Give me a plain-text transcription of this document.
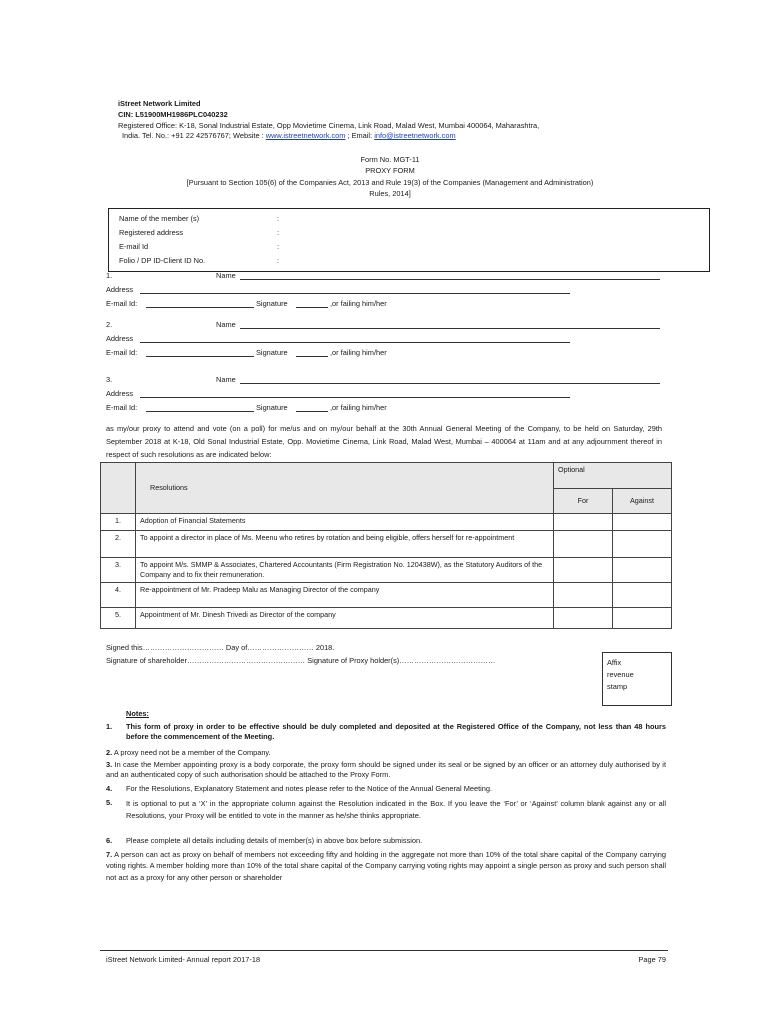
iStreet Network Limited
CIN: L51900MH1986PLC040232
Registered Office: K-18, Sonal Industrial Estate, Opp Movietime Cinema, Link Road, Malad West, Mumbai 400064, Maharashtra,
India. Tel. No.: +91 22 42576767; Website : www.istreetnetwork.com ; Email: info@istreetnetwork.com
Form No. MGT-11
PROXY FORM
[Pursuant to Section 105(6) of the Companies Act, 2013 and Rule 19(3) of the Companies (Management and Administration)
Rules, 2014]
Name of the member (s)	:
Registered address	:
E-mail Id	:
Folio / DP ID-Client ID No.	:
1.	Name
Address
E-mail Id:	Signature	,or failing him/her
2.	Name
Address
E-mail Id:	Signature	,or failing him/her
3.	Name
Address
E-mail Id:	Signature	,or failing him/her
as my/our proxy to attend and vote (on a poll) for me/us and on my/our behalf at the 30th Annual General Meeting of the Company, to be held on Saturday, 29th September 2018 at K-18, Old Sonal Industrial Estate, Opp. Movietime Cinema, Link Road, Malad West, Mumbai – 400064 at 11am and at any adjournment thereof in respect of such resolutions as are indicated below:
	Resolutions	Optional	
		For	Against
1.	Adoption of Financial Statements		
2.	To appoint a director in place of Ms. Meenu who retires by rotation and being eligible, offers herself for re-appointment		
3.	To appoint M/s. SMMP & Associates, Chartered Accountants (Firm Registration No. 120438W), as the Statutory Auditors of the Company and to fix their remuneration.		
4.	Re-appointment of Mr. Pradeep Malu as Managing Director of the company		
5.	Appointment of Mr. Dinesh Trivedi as Director of the company		
Signed this…………………………… Day of……………………… 2018.
Signature of shareholder………………………………………… Signature of Proxy holder(s)…………………………………	Affix
revenue
stamp
Notes:
1. This form of proxy in order to be effective should be duly completed and deposited at the Registered Office of the Company, not less than 48 hours before the commencement of the Meeting.
2. A proxy need not be a member of the Company.
3. In case the Member appointing proxy is a body corporate, the proxy form should be signed under its seal or be signed by an officer or an attorney duly authorised by it and an authenticated copy of such authorisation should be attached to the Proxy Form.
4. For the Resolutions, Explanatory Statement and notes please refer to the Notice of the Annual General Meeting.
5. It is optional to put a ‘X’ in the appropriate column against the Resolution indicated in the Box. If you leave the ‘For’ or ‘Against’ column blank against any or all Resolutions, your Proxy will be entitled to vote in the manner as he/she thinks appropriate.
6. Please complete all details including details of member(s) in above box before submission.
7. A person can act as proxy on behalf of members not exceeding fifty and holding in the aggregate not more than 10% of the total share capital of the Company carrying voting rights. A member holding more than 10% of the total share capital of the Company carrying voting rights may appoint a single person as proxy and such person shall not act as a proxy for any other person or shareholder
iStreet Network Limited- Annual report 2017-18	Page 79
